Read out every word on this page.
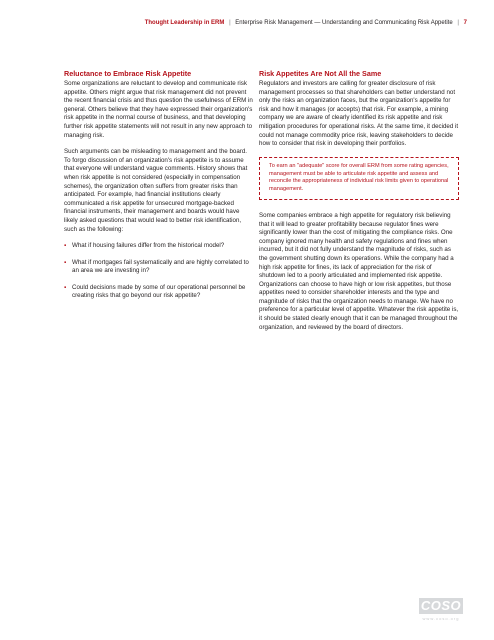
Thought Leadership in ERM | Enterprise Risk Management — Understanding and Communicating Risk Appetite | 7
Reluctance to Embrace Risk Appetite

Some organizations are reluctant to develop and communicate risk appetite. Others might argue that risk management did not prevent the recent financial crisis and thus question the usefulness of ERM in general. Others believe that they have expressed their organization's risk appetite in the normal course of business, and that developing further risk appetite statements will not result in any new approach to managing risk.

Such arguments can be misleading to management and the board. To forgo discussion of an organization's risk appetite is to assume that everyone will understand vague comments. History shows that when risk appetite is not considered (especially in compensation schemes), the organization often suffers from greater risks than anticipated. For example, had financial institutions clearly communicated a risk appetite for unsecured mortgage-backed financial instruments, their management and boards would have likely asked questions that would lead to better risk identification, such as the following:

▪ What if housing failures differ from the historical model?
▪ What if mortgages fail systematically and are highly correlated to an area we are investing in?
▪ Could decisions made by some of our operational personnel be creating risks that go beyond our risk appetite?
Risk Appetites Are Not All the Same

Regulators and investors are calling for greater disclosure of risk management processes so that shareholders can better understand not only the risks an organization faces, but the organization's appetite for risk and how it manages (or accepts) that risk. For example, a mining company we are aware of clearly identified its risk appetite and risk mitigation procedures for operational risks. At the same time, it decided it could not manage commodity price risk, leaving stakeholders to decide how to consider that risk in developing their portfolios.

To earn an "adequate" score for overall ERM from some rating agencies, management must be able to articulate risk appetite and assess and reconcile the appropriateness of individual risk limits given to operational management.

Some companies embrace a high appetite for regulatory risk believing that it will lead to greater profitability because regulator fines were significantly lower than the cost of mitigating the compliance risks. One company ignored many health and safety regulations and fines when incurred, but it did not fully understand the magnitude of risks, such as the government shutting down its operations. While the company had a high risk appetite for fines, its lack of appreciation for the risk of shutdown led to a poorly articulated and implemented risk appetite. Organizations can choose to have high or low risk appetites, but those appetites need to consider shareholder interests and the type and magnitude of risks that the organization needs to manage. We have no preference for a particular level of appetite. Whatever the risk appetite is, it should be stated clearly enough that it can be managed throughout the organization, and reviewed by the board of directors.

COSO
www.coso.org
